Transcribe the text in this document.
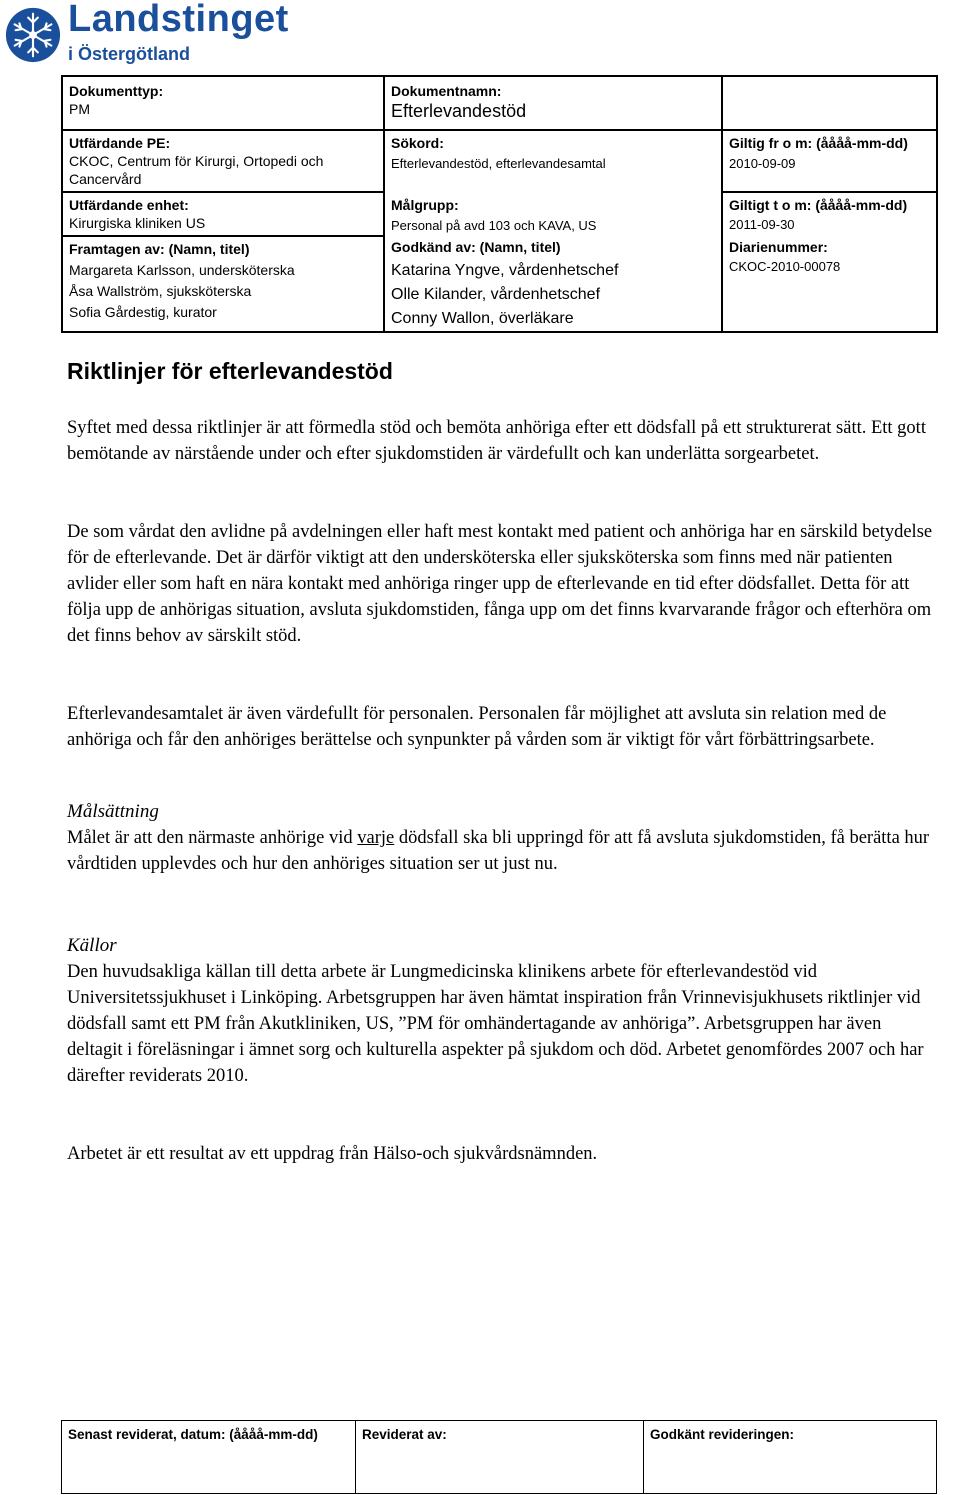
Landstinget
i Östergötland
Dokumenttyp:
PM
Utfärdande PE:
CKOC, Centrum för Kirurgi, Ortopedi och Cancervård
Utfärdande enhet:
Kirurgiska kliniken US
Framtagen av: (Namn, titel)
Margareta Karlsson, undersköterska
Åsa Wallström, sjuksköterska
Sofia Gårdestig, kurator
Dokumentnamn:
Efterlevandestöd
Sökord:
Efterlevandestöd, efterlevandesamtal
Målgrupp:
Personal på avd 103 och KAVA, US
Godkänd av: (Namn, titel)
Katarina Yngve, vårdenhetschef
Olle Kilander, vårdenhetschef
Conny Wallon, överläkare
Giltig fr o m: (åååå-mm-dd)
2010-09-09
Giltigt t o m: (åååå-mm-dd)
2011-09-30
Diarienummer:
CKOC-2010-00078
Riktlinjer för efterlevandestöd

Syftet med dessa riktlinjer är att förmedla stöd och bemöta anhöriga efter ett dödsfall på ett strukturerat sätt. Ett gott bemötande av närstående under och efter sjukdomstiden är värdefullt och kan underlätta sorgearbetet.

De som vårdat den avlidne på avdelningen eller haft mest kontakt med patient och anhöriga har en särskild betydelse för de efterlevande. Det är därför viktigt att den undersköterska eller sjuksköterska som finns med när patienten avlider eller som haft en nära kontakt med anhöriga ringer upp de efterlevande en tid efter dödsfallet. Detta för att följa upp de anhörigas situation, avsluta sjukdomstiden, fånga upp om det finns kvarvarande frågor och efterhöra om det finns behov av särskilt stöd.

Efterlevandesamtalet är även värdefullt för personalen. Personalen får möjlighet att avsluta sin relation med de anhöriga och får den anhöriges berättelse och synpunkter på vården som är viktigt för vårt förbättringsarbete.

Målsättning

Målet är att den närmaste anhörige vid varje dödsfall ska bli uppringd för att få avsluta sjukdomstiden, få berätta hur vårdtiden upplevdes och hur den anhöriges situation ser ut just nu.

Källor

Den huvudsakliga källan till detta arbete är Lungmedicinska klinikens arbete för efterlevandestöd vid Universitetssjukhuset i Linköping. Arbetsgruppen har även hämtat inspiration från Vrinnevisjukhusets riktlinjer vid dödsfall samt ett PM från Akutkliniken, US, ”PM för omhändertagande av anhöriga”. Arbetsgruppen har även deltagit i föreläsningar i ämnet sorg och kulturella aspekter på sjukdom och död. Arbetet genomfördes 2007 och har därefter reviderats 2010.

Arbetet är ett resultat av ett uppdrag från Hälso-och sjukvårdsnämnden.

Senast reviderat, datum: (åååå-mm-dd)	Reviderat av:	Godkänt revideringen:
